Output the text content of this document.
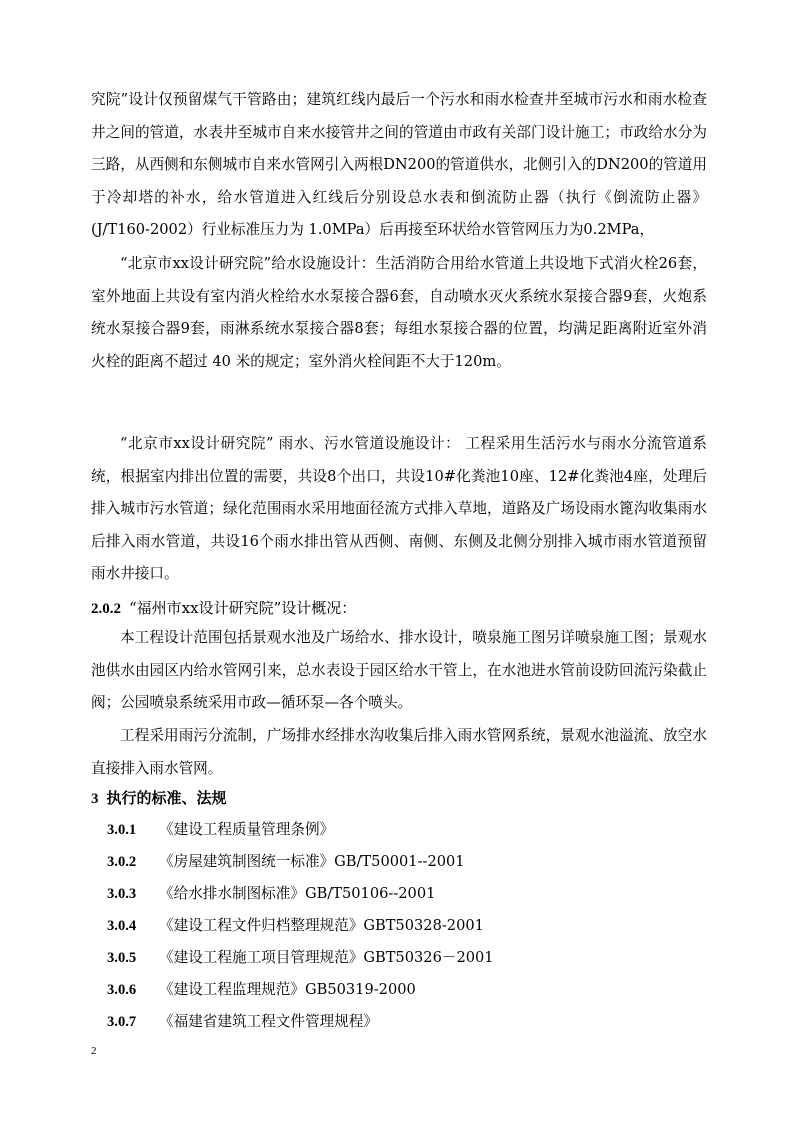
究院”设计仅预留煤气干管路由；建筑红线内最后一个污水和雨水检查井至城市污水和雨水检查井之间的管道，水表井至城市自来水接管井之间的管道由市政有关部门设计施工；市政给水分为三路，从西侧和东侧城市自来水管网引入两根DN200的管道供水，北侧引入的DN200的管道用于冷却塔的补水，给水管道进入红线后分别设总水表和倒流防止器（执行《倒流防止器》(J/T160-2002）行业标准压力为 1.0MPa）后再接至环状给水管管网压力为0.2MPa，

“北京市xx设计研究院”给水设施设计：生活消防合用给水管道上共设地下式消火栓26套，室外地面上共设有室内消火栓给水水泵接合器6套，自动喷水灭火系统水泵接合器9套，火炮系统水泵接合器9套，雨淋系统水泵接合器8套；每组水泵接合器的位置，均满足距离附近室外消火栓的距离不超过 40 米的规定；室外消火栓间距不大于120m。

“北京市xx设计研究院” 雨水、污水管道设施设计： 工程采用生活污水与雨水分流管道系统，根据室内排出位置的需要，共设8个出口，共设10#化粪池10座、12#化粪池4座，处理后排入城市污水管道；绿化范围雨水采用地面径流方式排入草地，道路及广场设雨水篦沟收集雨水后排入雨水管道，共设16个雨水排出管从西侧、南侧、东侧及北侧分别排入城市雨水管道预留雨水井接口。

2.0.2 “福州市xx设计研究院”设计概况：

本工程设计范围包括景观水池及广场给水、排水设计，喷泉施工图另详喷泉施工图；景观水池供水由园区内给水管网引来，总水表设于园区给水干管上，在水池进水管前设防回流污染截止阀；公园喷泉系统采用市政—循环泵—各个喷头。

工程采用雨污分流制，广场排水经排水沟收集后排入雨水管网系统，景观水池溢流、放空水直接排入雨水管网。

3 执行的标准、法规
3.0.1 《建设工程质量管理条例》
3.0.2 《房屋建筑制图统一标准》GB/T50001--2001
3.0.3 《给水排水制图标准》GB/T50106--2001
3.0.4 《建设工程文件归档整理规范》GBT50328-2001
3.0.5 《建设工程施工项目管理规范》GBT50326－2001
3.0.6 《建设工程监理规范》GB50319-2000
3.0.7 《福建省建筑工程文件管理规程》
2
